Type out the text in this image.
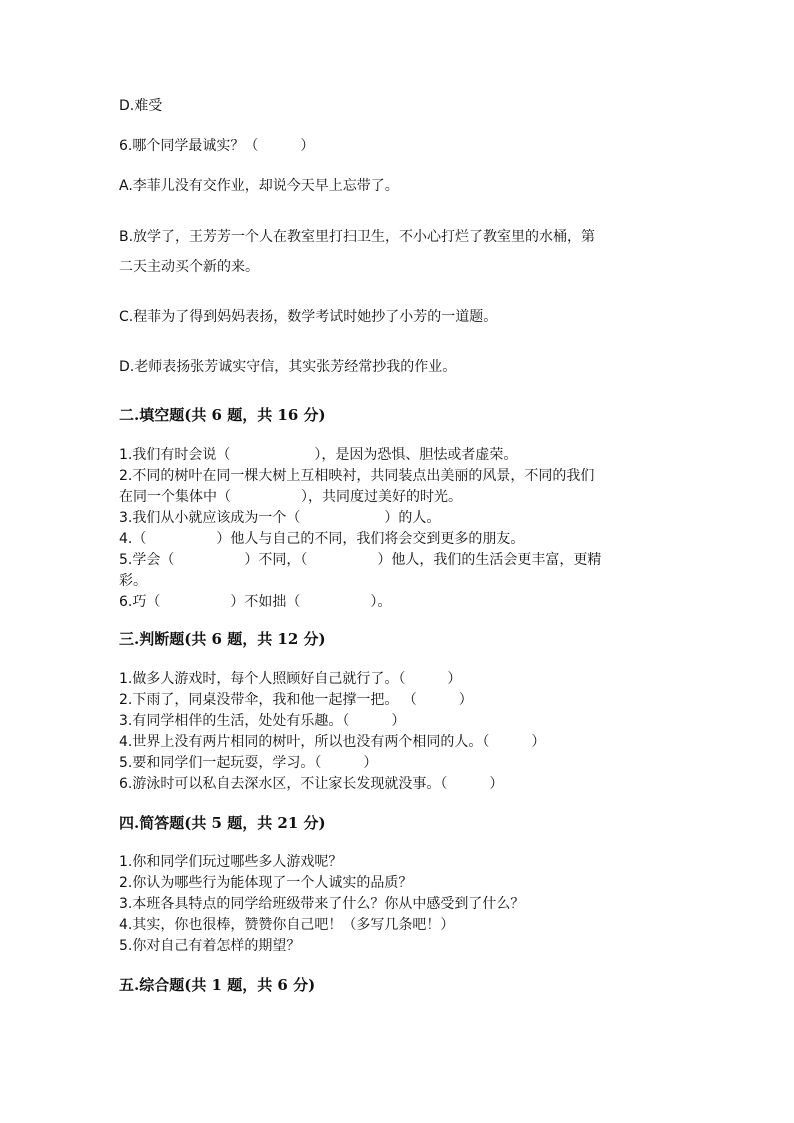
D.难受
6.哪个同学最诚实？（　　　）
A.李菲儿没有交作业，却说今天早上忘带了。
B.放学了，王芳芳一个人在教室里打扫卫生，不小心打烂了教室里的水桶，第
二天主动买个新的来。
C.程菲为了得到妈妈表扬，数学考试时她抄了小芳的一道题。
D.老师表扬张芳诚实守信，其实张芳经常抄我的作业。
二.填空题(共 6 题，共 16 分)
1.我们有时会说（　　　　　　），是因为恐惧、胆怯或者虚荣。
2.不同的树叶在同一棵大树上互相映衬，共同装点出美丽的风景，不同的我们
在同一个集体中（　　　　　），共同度过美好的时光。
3.我们从小就应该成为一个（　　　　　　）的人。
4.（　　　　　）他人与自己的不同，我们将会交到更多的朋友。
5.学会（　　　　　）不同，（　　　　　）他人，我们的生活会更丰富，更精
彩。
6.巧（　　　　　）不如拙（　　　　　）。
三.判断题(共 6 题，共 12 分)
1.做多人游戏时，每个人照顾好自己就行了。（　　　）
2.下雨了，同桌没带伞，我和他一起撑一把。 （　　　）
3.有同学相伴的生活，处处有乐趣。（　　　）
4.世界上没有两片相同的树叶，所以也没有两个相同的人。（　　　）
5.要和同学们一起玩耍，学习。（　　　）
6.游泳时可以私自去深水区，不让家长发现就没事。（　　　）
四.简答题(共 5 题，共 21 分)
1.你和同学们玩过哪些多人游戏呢？
2.你认为哪些行为能体现了一个人诚实的品质？
3.本班各具特点的同学给班级带来了什么？你从中感受到了什么？
4.其实，你也很棒，赞赞你自己吧！（多写几条吧！）
5.你对自己有着怎样的期望？
五.综合题(共 1 题，共 6 分)
